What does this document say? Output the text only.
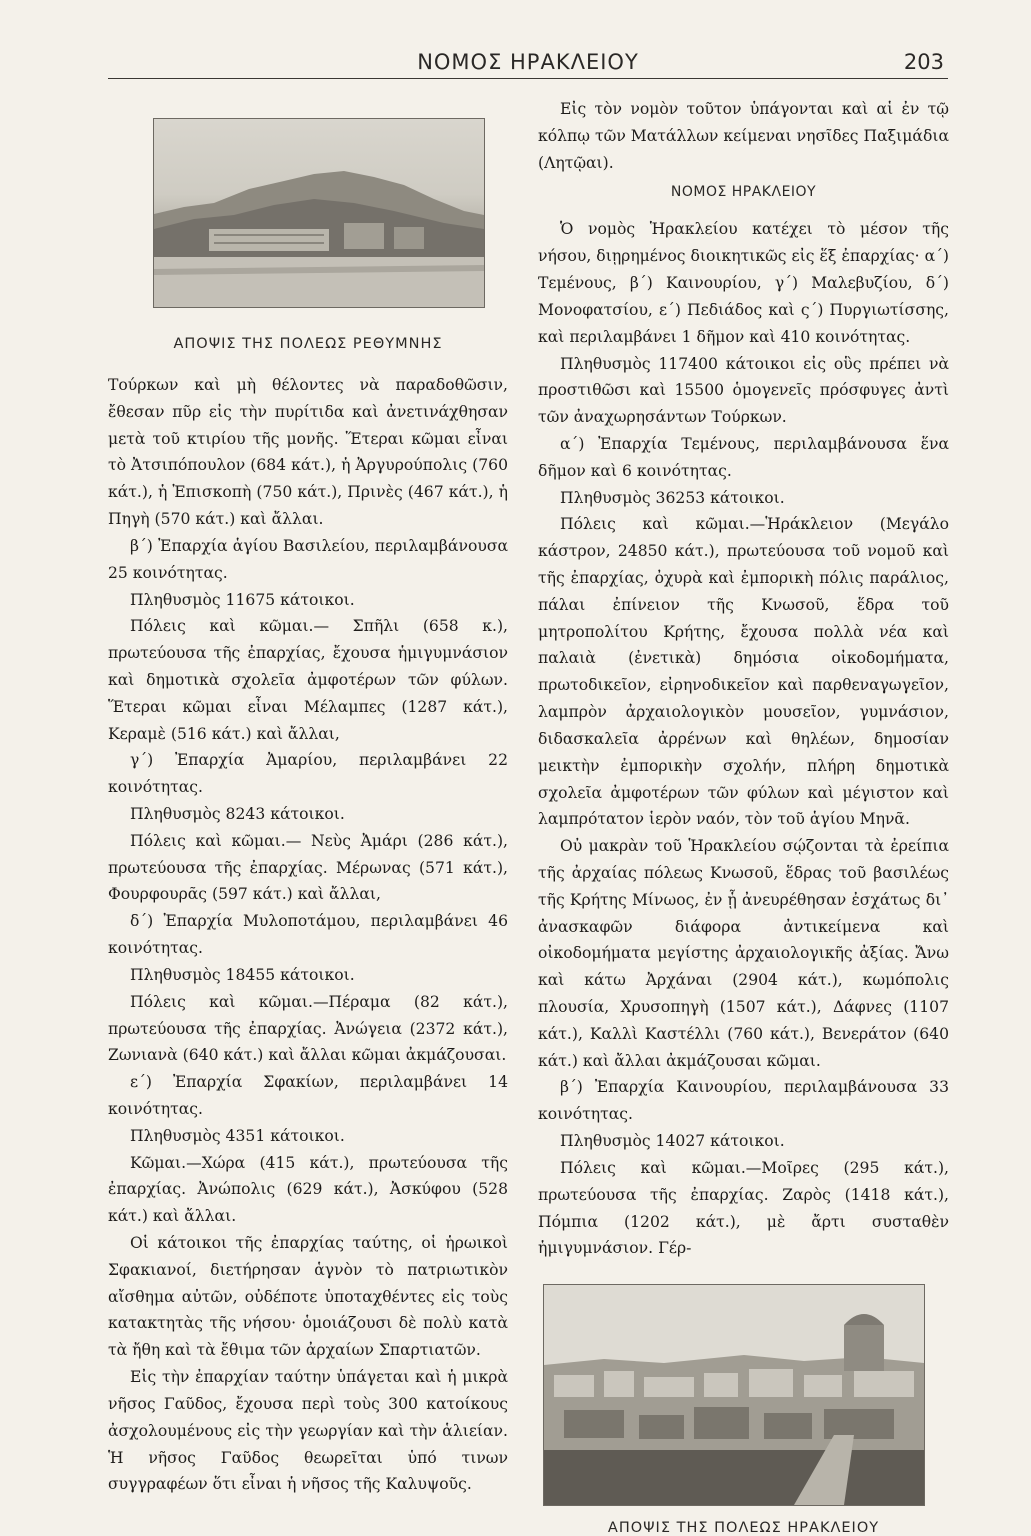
ΝΟΜΟΣ ΗΡΑΚΛΕΙΟΥ	203
ΑΠΟΨΙΣ ΤΗΣ ΠΟΛΕΩΣ ΡΕΘΥΜΝΗΣ

Τούρκων καὶ μὴ θέλοντες νὰ παραδοθῶσιν, ἔθεσαν πῦρ εἰς τὴν πυρίτιδα καὶ ἀνετινάχθησαν μετὰ τοῦ κτιρίου τῆς μονῆς. Ἕτεραι κῶμαι εἶναι τὸ Ἀτσιπόπουλον (684 κάτ.), ἡ Ἀργυρούπολις (760 κάτ.), ἡ Ἐπισκοπὴ (750 κάτ.), Πρινὲς (467 κάτ.), ἡ Πηγὴ (570 κάτ.) καὶ ἄλλαι.

β΄) Ἐπαρχία ἁγίου Βασιλείου, περιλαμβάνουσα 25 κοινότητας.

Πληθυσμὸς 11675 κάτοικοι.

Πόλεις καὶ κῶμαι.— Σπῆλι (658 κ.), πρωτεύουσα τῆς ἐπαρχίας, ἔχουσα ἡμιγυμνάσιον καὶ δημοτικὰ σχολεῖα ἀμφοτέρων τῶν φύλων. Ἕτεραι κῶμαι εἶναι Μέλαμπες (1287 κάτ.), Κεραμὲ (516 κάτ.) καὶ ἄλλαι,

γ΄) Ἐπαρχία Ἀμαρίου, περιλαμβάνει 22 κοινότητας.

Πληθυσμὸς 8243 κάτοικοι.

Πόλεις καὶ κῶμαι.— Νεὺς Ἀμάρι (286 κάτ.), πρωτεύουσα τῆς ἐπαρχίας. Μέρωνας (571 κάτ.), Φουρφουρᾶς (597 κάτ.) καὶ ἄλλαι,

δ΄) Ἐπαρχία Μυλοποτάμου, περιλαμβάνει 46 κοινότητας.

Πληθυσμὸς 18455 κάτοικοι.

Πόλεις καὶ κῶμαι.—Πέραμα (82 κάτ.), πρωτεύουσα τῆς ἐπαρχίας. Ἀνώγεια (2372 κάτ.), Ζωνιανὰ (640 κάτ.) καὶ ἄλλαι κῶμαι ἀκμάζουσαι.

ε΄) Ἐπαρχία Σφακίων, περιλαμβάνει 14 κοινότητας.

Πληθυσμὸς 4351 κάτοικοι.

Κῶμαι.—Χώρα (415 κάτ.), πρωτεύουσα τῆς ἐπαρχίας. Ἀνώπολις (629 κάτ.), Ἀσκύφου (528 κάτ.) καὶ ἄλλαι.

Οἱ κάτοικοι τῆς ἐπαρχίας ταύτης, οἱ ἡρωικοὶ Σφακιανοί, διετήρησαν ἁγνὸν τὸ πατριωτικὸν αἴσθημα αὐτῶν, οὐδέποτε ὑποταχθέντες εἰς τοὺς κατακτητὰς τῆς νήσου· ὁμοιάζουσι δὲ πολὺ κατὰ τὰ ἤθη καὶ τὰ ἔθιμα τῶν ἀρχαίων Σπαρτιατῶν.

Εἰς τὴν ἐπαρχίαν ταύτην ὑπάγεται καὶ ἡ μικρὰ νῆσος Γαῦδος, ἔχουσα περὶ τοὺς 300 κατοίκους ἀσχολουμένους εἰς τὴν γεωργίαν καὶ τὴν ἁλιείαν. Ἡ νῆσος Γαῦδος θεωρεῖται ὑπό τινων συγγραφέων ὅτι εἶναι ἡ νῆσος τῆς Καλυψοῦς.

Εἰς τὸν νομὸν τοῦτον ὑπάγονται καὶ αἱ ἐν τῷ κόλπῳ τῶν Ματάλλων κείμεναι νησῖδες Παξιμάδια (Λητῷαι).

ΝΟΜΟΣ ΗΡΑΚΛΕΙΟΥ

Ὁ νομὸς Ἡρακλείου κατέχει τὸ μέσον τῆς νήσου, διῃρημένος διοικητικῶς εἰς ἕξ ἐπαρχίας· α΄) Τεμένους, β΄) Καινουρίου, γ΄) Μαλεβυζίου, δ΄) Μονοφατσίου, ε΄) Πεδιάδος καὶ ς΄) Πυργιωτίσσης, καὶ περιλαμβάνει 1 δῆμον καὶ 410 κοινότητας.

Πληθυσμὸς 117400 κάτοικοι εἰς οὓς πρέπει νὰ προστιθῶσι καὶ 15500 ὁμογενεῖς πρόσφυγες ἀντὶ τῶν ἀναχωρησάντων Τούρκων.

α΄) Ἐπαρχία Τεμένους, περιλαμβάνουσα ἕνα δῆμον καὶ 6 κοινότητας.

Πληθυσμὸς 36253 κάτοικοι.

Πόλεις καὶ κῶμαι.—Ἡράκλειον (Μεγάλο κάστρον, 24850 κάτ.), πρωτεύουσα τοῦ νομοῦ καὶ τῆς ἐπαρχίας, ὀχυρὰ καὶ ἐμπορικὴ πόλις παράλιος, πάλαι ἐπίνειον τῆς Κνωσοῦ, ἕδρα τοῦ μητροπολίτου Κρήτης, ἔχουσα πολλὰ νέα καὶ παλαιὰ (ἐνετικὰ) δημόσια οἰκοδομήματα, πρωτοδικεῖον, εἰρηνοδικεῖον καὶ παρθεναγωγεῖον, λαμπρὸν ἀρχαιολογικὸν μουσεῖον, γυμνάσιον, διδασκαλεῖα ἀρρένων καὶ θηλέων, δημοσίαν μεικτὴν ἐμπορικὴν σχολήν, πλήρη δημοτικὰ σχολεῖα ἀμφοτέρων τῶν φύλων καὶ μέγιστον καὶ λαμπρότατον ἱερὸν ναόν, τὸν τοῦ ἁγίου Μηνᾶ.

Οὐ μακρὰν τοῦ Ἡρακλείου σῴζονται τὰ ἐρείπια τῆς ἀρχαίας πόλεως Κνωσοῦ, ἕδρας τοῦ βασιλέως τῆς Κρήτης Μίνωος, ἐν ᾗ ἀνευρέθησαν ἐσχάτως δι᾿ ἀνασκαφῶν διάφορα ἀντικείμενα καὶ οἰκοδομήματα μεγίστης ἀρχαιολογικῆς ἀξίας. Ἄνω καὶ κάτω Ἀρχάναι (2904 κάτ.), κωμόπολις πλουσία, Χρυσοπηγὴ (1507 κάτ.), Δάφνες (1107 κάτ.), Καλλὶ Καστέλλι (760 κάτ.), Βενεράτον (640 κάτ.) καὶ ἄλλαι ἀκμάζουσαι κῶμαι.

β΄) Ἐπαρχία Καινουρίου, περιλαμβάνουσα 33 κοινότητας.

Πληθυσμὸς 14027 κάτοικοι.

Πόλεις καὶ κῶμαι.—Μοῖρες (295 κάτ.), πρωτεύουσα τῆς ἐπαρχίας. Ζαρὸς (1418 κάτ.), Πόμπια (1202 κάτ.), μὲ ἄρτι συσταθὲν ἡμιγυμνάσιον. Γέρ-

ΑΠΟΨΙΣ ΤΗΣ ΠΟΛΕΩΣ ΗΡΑΚΛΕΙΟΥ
